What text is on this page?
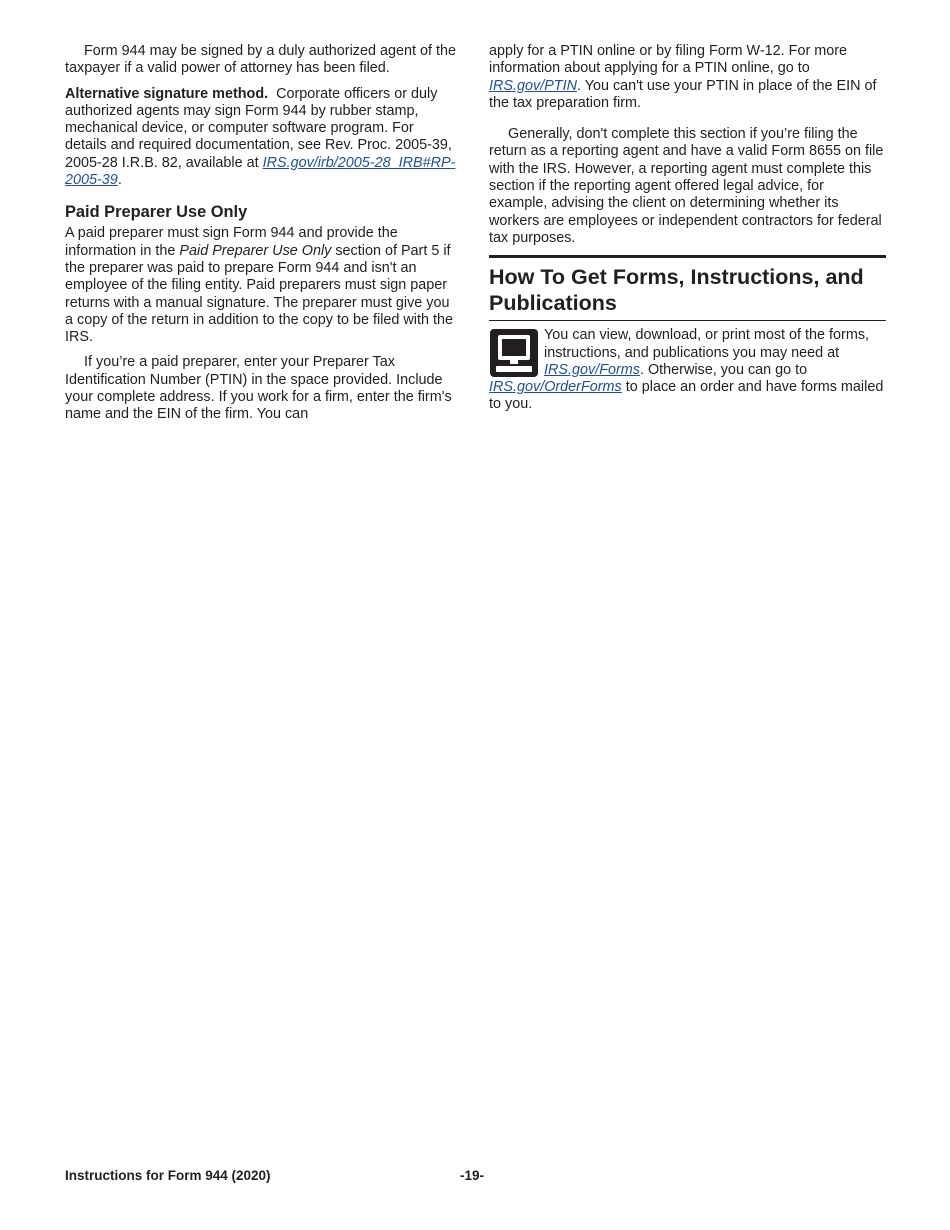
Form 944 may be signed by a duly authorized agent of the taxpayer if a valid power of attorney has been filed.

Alternative signature method. Corporate officers or duly authorized agents may sign Form 944 by rubber stamp, mechanical device, or computer software program. For details and required documentation, see Rev. Proc. 2005-39, 2005-28 I.R.B. 82, available at IRS.gov/irb/2005-28_IRB#RP-2005-39.

Paid Preparer Use Only

A paid preparer must sign Form 944 and provide the information in the Paid Preparer Use Only section of Part 5 if the preparer was paid to prepare Form 944 and isn't an employee of the filing entity. Paid preparers must sign paper returns with a manual signature. The preparer must give you a copy of the return in addition to the copy to be filed with the IRS.

If you’re a paid preparer, enter your Preparer Tax Identification Number (PTIN) in the space provided. Include your complete address. If you work for a firm, enter the firm's name and the EIN of the firm. You can

apply for a PTIN online or by filing Form W-12. For more information about applying for a PTIN online, go to IRS.gov/PTIN. You can't use your PTIN in place of the EIN of the tax preparation firm.

Generally, don't complete this section if you’re filing the return as a reporting agent and have a valid Form 8655 on file with the IRS. However, a reporting agent must complete this section if the reporting agent offered legal advice, for example, advising the client on determining whether its workers are employees or independent contractors for federal tax purposes.

How To Get Forms, Instructions, and Publications

You can view, download, or print most of the forms, instructions, and publications you may need at IRS.gov/Forms. Otherwise, you can go to IRS.gov/OrderForms to place an order and have forms mailed to you.

Instructions for Form 944 (2020)	-19-
